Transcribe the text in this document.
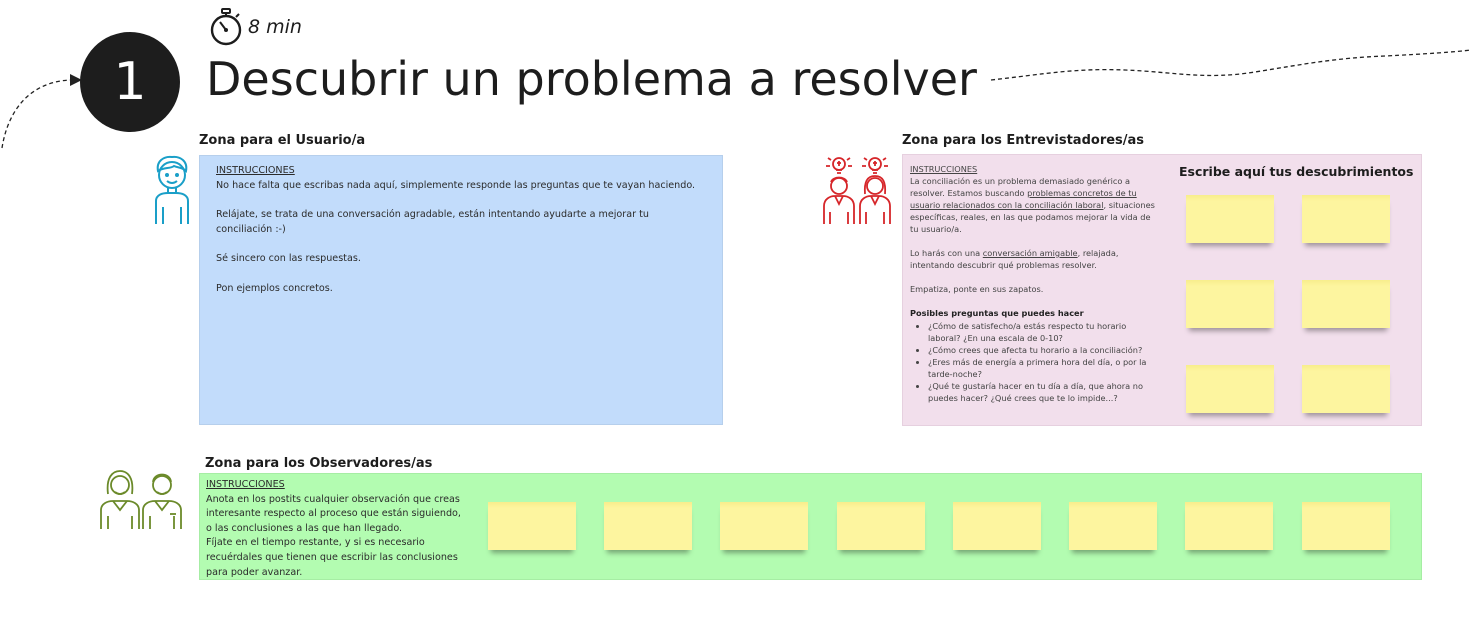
8 min
1	Descubrir un problema a resolver
Zona para el Usuario/a
INSTRUCCIONES

No hace falta que escribas nada aquí, simplemente responde las preguntas que te vayan haciendo.

Relájate, se trata de una conversación agradable, están intentando ayudarte a mejorar tu conciliación :-)

Sé sincero con las respuestas.

Pon ejemplos concretos.

Zona para los Entrevistadores/as
INSTRUCCIONES

La conciliación es un problema demasiado genérico a resolver. Estamos buscando problemas concretos de tu usuario relacionados con la conciliación laboral, situaciones específicas, reales, en las que podamos mejorar la vida de tu usuario/a.

Lo harás con una conversación amigable, relajada, intentando descubrir qué problemas resolver.

Empatiza, ponte en sus zapatos.

Posibles preguntas que puedes hacer
• ¿Cómo de satisfecho/a estás respecto tu horario laboral? ¿En una escala de 0-10?
• ¿Cómo crees que afecta tu horario a la conciliación?
• ¿Eres más de energía a primera hora del día, o por la tarde-noche?
• ¿Qué te gustaría hacer en tu día a día, que ahora no puedes hacer? ¿Qué crees que te lo impide...?
Escribe aquí tus descubrimientos
Zona para los Observadores/as
INSTRUCCIONES
Anota en los postits cualquier observación que creas
interesante respecto al proceso que están siguiendo,
o las conclusiones a las que han llegado.
Fíjate en el tiempo restante, y si es necesario
recuérdales que tienen que escribir las conclusiones
para poder avanzar.
